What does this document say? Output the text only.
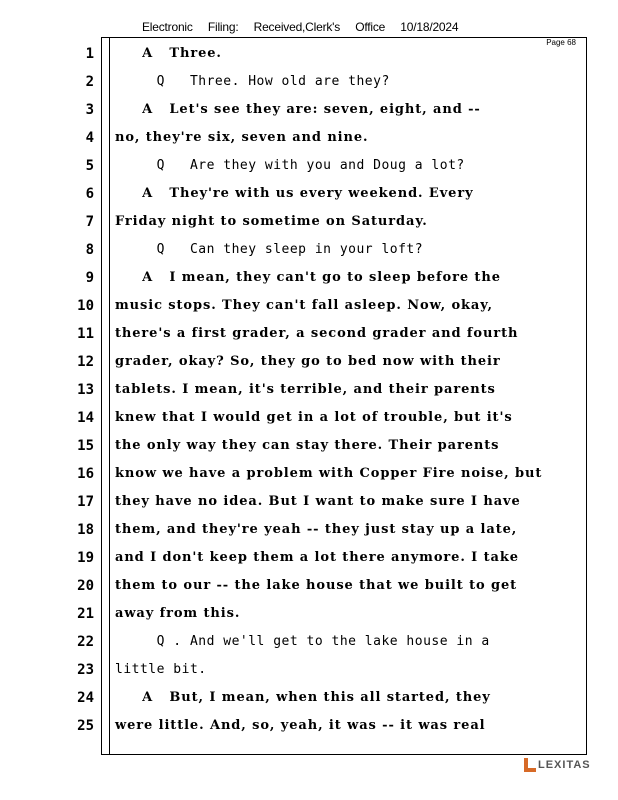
Electronic Filing: Received,Clerk's Office 10/18/2024
Page 68
1
2
3
4
5
6
7
8
9
10
11
12
13
14
15
16
17
18
19
20
21
22
23
24
25
A   Three.
Q   Three. How old are they?
A   Let's see they are: seven, eight, and --
no, they're six, seven and nine.
Q   Are they with you and Doug a lot?
A   They're with us every weekend. Every
Friday night to sometime on Saturday.
Q   Can they sleep in your loft?
A   I mean, they can't go to sleep before the
music stops. They can't fall asleep. Now, okay,
there's a first grader, a second grader and fourth
grader, okay? So, they go to bed now with their
tablets. I mean, it's terrible, and their parents
knew that I would get in a lot of trouble, but it's
the only way they can stay there. Their parents
know we have a problem with Copper Fire noise, but
they have no idea. But I want to make sure I have
them, and they're yeah -- they just stay up a late,
and I don't keep them a lot there anymore. I take
them to our -- the lake house that we built to get
away from this.
Q . And we'll get to the lake house in a
little bit.
A   But, I mean, when this all started, they
were little. And, so, yeah, it was -- it was real
LEXITAS
